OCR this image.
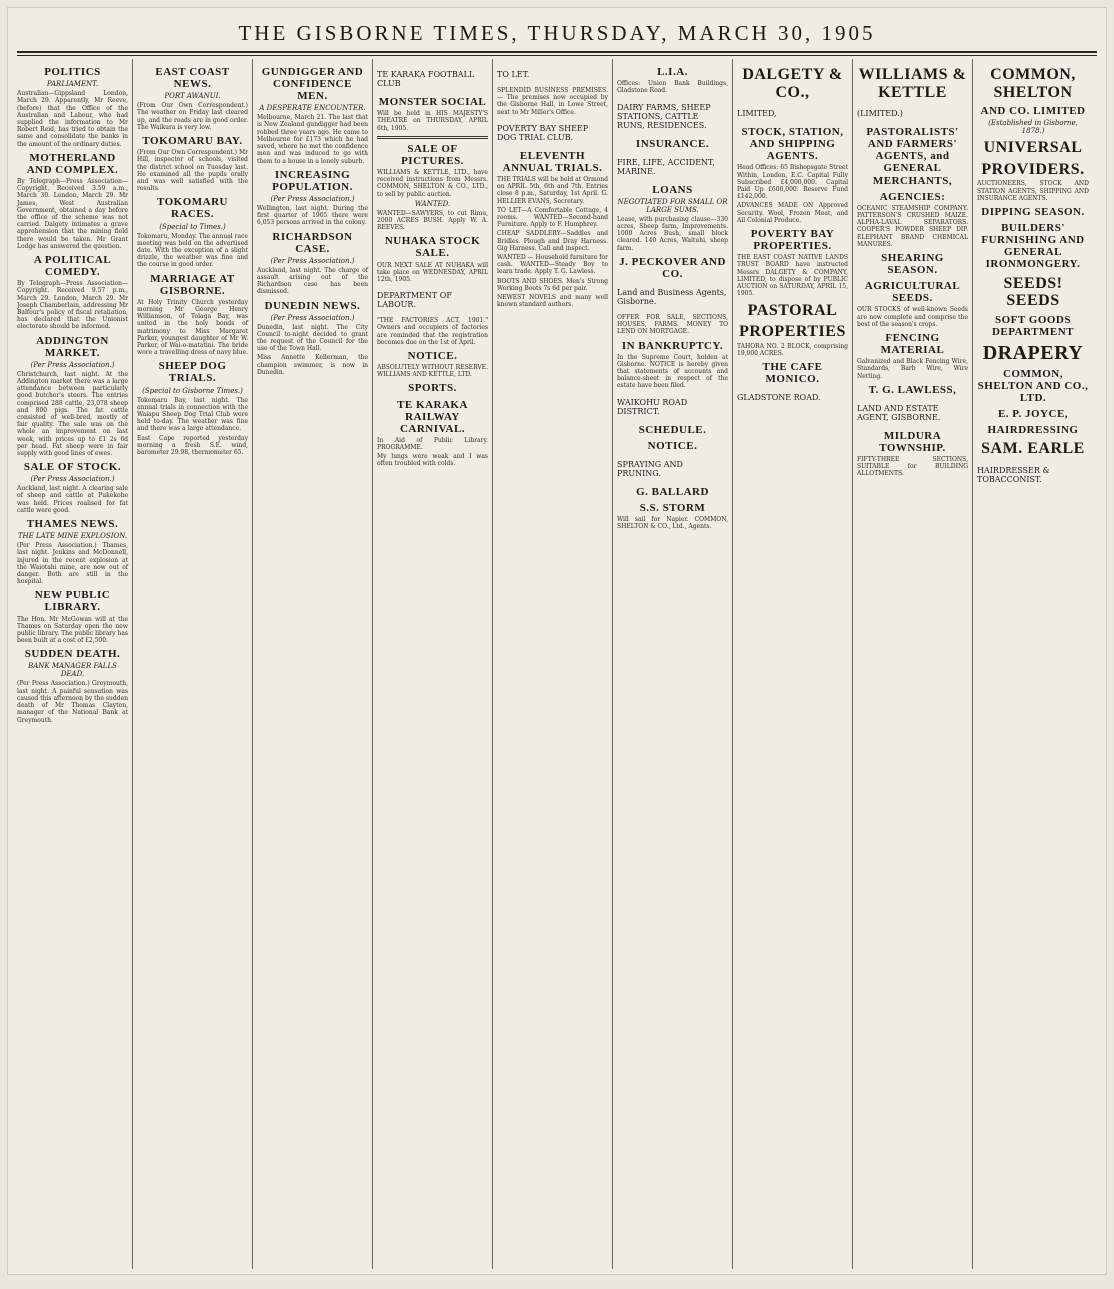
THE GISBORNE TIMES, THURSDAY, MARCH 30, 1905
POLITICS

PARLIAMENT.

Australian—Gippsland London, March 29. Apparently, Mr Reeve, (before) that the Office of the Australian and Labour, who had supplied the information to Mr Robert Reid, has tried to obtain the same and consolidate the banks in the amount of the ordinary duties.

MOTHERLAND AND COMPLEX.

By Telegraph—Press Association—Copyright. Received 3.59 a.m., March 30. London, March 29. Mr James, West Australian Government, obtained a day before the office of the scheme was not carried. Dalgety intimates a grave apprehension that the mining field there would be taken. Mr Grant Lodge has answered the question.

A POLITICAL COMEDY.

By Telegraph—Press Association—Copyright. Received 9.57 p.m., March 29. London, March 29. Mr Joseph Chamberlain, addressing Mr Balfour's policy of fiscal retaliation, has declared that the Unionist electorate should be informed.

ADDINGTON MARKET.

(Per Press Association.)

Christchurch, last night. At the Addington market there was a large attendance between particularly good butcher's steers. The entries comprised 288 cattle, 23,078 sheep and 800 pigs. The fat cattle consisted of well-bred, mostly of fair quality. The sale was on the whole an improvement on last week, with prices up to £1 2s 6d per head. Fat sheep were in fair supply with good lines of ewes.

SALE OF STOCK.

(Per Press Association.)

Auckland, last night. A clearing sale of sheep and cattle at Pukekohe was held. Prices realised for fat cattle were good.

THAMES NEWS.

THE LATE MINE EXPLOSION.

(Per Press Association.) Thames, last night. Jenkins and McDonnell, injured in the recent explosion at the Waiotahi mine, are now out of danger. Both are still in the hospital.

NEW PUBLIC LIBRARY.

The Hon. Mr McGowan will at the Thames on Saturday open the new public library. The public library has been built at a cost of £2,500.

SUDDEN DEATH.

BANK MANAGER FALLS DEAD.

(Per Press Association.) Greymouth, last night. A painful sensation was caused this afternoon by the sudden death of Mr Thomas Clayton, manager of the National Bank at Greymouth.

EAST COAST NEWS.

PORT AWANUI.

(From Our Own Correspondent.) The weather on Friday last cleared up, and the roads are in good order. The Waikura is very low.

TOKOMARU BAY.

(From Our Own Correspondent.) Mr Hill, inspector of schools, visited the district school on Tuesday last. He examined all the pupils orally and was well satisfied with the results.

TOKOMARU RACES.

(Special to Times.)

Tokomaru, Monday. The annual race meeting was held on the advertised date. With the exception of a slight drizzle, the weather was fine and the course in good order.

MARRIAGE AT GISBORNE.

At Holy Trinity Church yesterday morning Mr George Henry Williamson, of Tolaga Bay, was united in the holy bonds of matrimony to Miss Margaret Parker, youngest daughter of Mr W. Parker, of Wai-o-matatini. The bride wore a travelling dress of navy blue.

SHEEP DOG TRIALS.

(Special to Gisborne Times.)

Tokomaru Bay, last night. The annual trials in connection with the Waiapu Sheep Dog Trial Club were held to-day. The weather was fine and there was a large attendance.

East Cape reported yesterday morning a fresh S.E. wind, barometer 29.98, thermometer 65.

GUNDIGGER AND CONFIDENCE MEN.

A DESPERATE ENCOUNTER.

Melbourne, March 21. The last that is New Zealand gundigger had been robbed three years ago. He came to Melbourne for £173 which he had saved, where he met the confidence men and was induced to go with them to a house in a lonely suburb.

INCREASING POPULATION.

(Per Press Association.)

Wellington, last night. During the first quarter of 1905 there were 6,053 persons arrived in the colony.

RICHARDSON CASE.

(Per Press Association.)

Auckland, last night. The charge of assault arising out of the Richardson case has been dismissed.

DUNEDIN NEWS.

(Per Press Association.)

Dunedin, last night. The City Council to-night decided to grant the request of the Council for the use of the Town Hall.

Miss Annette Kellerman, the champion swimmer, is now in Dunedin.

TE KARAKA FOOTBALL CLUB

MONSTER SOCIAL

Will be held in HIS MAJESTY'S THEATRE on THURSDAY, APRIL 6th, 1905.

SALE OF PICTURES.

WILLIAMS & KETTLE, LTD., have received instructions from Messrs. COMMON, SHELTON & CO., LTD., to sell by public auction.

WANTED.

WANTED—SAWYERS, to cut Rimu, 2000 ACRES BUSH. Apply W. A. REEVES.

NUHAKA STOCK SALE.

OUR NEXT SALE AT NUHAKA will take place on WEDNESDAY, APRIL 12th, 1905.

DEPARTMENT OF LABOUR.

"THE FACTORIES ACT, 1901." Owners and occupiers of factories are reminded that the registration becomes due on the 1st of April.

NOTICE.

ABSOLUTELY WITHOUT RESERVE. WILLIAMS AND KETTLE, LTD.

SPORTS.
TE KARAKA RAILWAY CARNIVAL.

In Aid of Public Library. PROGRAMME.

My lungs were weak and I was often troubled with colds.

TO LET.

SPLENDID BUSINESS PREMISES. — The premises now occupied by the Gisborne Hall, in Lowe Street, next to Mr Miller's Office.

POVERTY BAY SHEEP DOG TRIAL CLUB.

ELEVENTH ANNUAL TRIALS.

THE TRIALS will be held at Ormond on APRIL 5th, 6th and 7th. Entries close 8 p.m., Saturday, 1st April. G. HELLIER EVANS, Secretary.

TO LET—A Comfortable Cottage, 4 rooms. WANTED—Second-hand Furniture. Apply to F. Humphrey.

CHEAP SADDLERY—Saddles and Bridles. Plough and Dray Harness. Gig Harness. Call and inspect.

WANTED — Household furniture for cash. WANTED—Steady Boy to learn trade. Apply T. G. Lawless.

BOOTS AND SHOES. Men's Strong Working Boots 7s 6d per pair.

NEWEST NOVELS and many well known standard authors.

L.I.A.

Offices: Union Bank Buildings, Gladstone Road.

DAIRY FARMS, SHEEP STATIONS, CATTLE RUNS, RESIDENCES.

INSURANCE.

FIRE, LIFE, ACCIDENT, MARINE.

LOANS

NEGOTIATED FOR SMALL OR LARGE SUMS.

Lease, with purchasing clause—330 acres, Sheep farm, Improvements. 1000 Acres Bush, small block cleared. 140 Acres, Waituhi, sheep farm.

J. PECKOVER AND CO.

Land and Business Agents, Gisborne.

OFFER FOR SALE, SECTIONS, HOUSES, FARMS. MONEY TO LEND ON MORTGAGE.

IN BANKRUPTCY.

In the Supreme Court, holden at Gisborne. NOTICE is hereby given that statements of accounts and balance-sheet in respect of the estate have been filed.

WAIKOHU ROAD DISTRICT.

SCHEDULE.
NOTICE.

SPRAYING AND PRUNING.

G. BALLARD
S.S. STORM

Will sail for Napier. COMMON, SHELTON & CO., Ltd., Agents.

DALGETY & CO.,

LIMITED,

STOCK, STATION, AND SHIPPING AGENTS.

Head Offices: 65 Bishopsgate Street Within, London, E.C. Capital Fully Subscribed £4,000,000. Capital Paid Up £600,000. Reserve Fund £142,000.

ADVANCES MADE ON Approved Security. Wool, Frozen Meat, and All Colonial Produce.

POVERTY BAY PROPERTIES.

THE EAST COAST NATIVE LANDS TRUST BOARD have instructed Messrs DALGETY & COMPANY, LIMITED, to dispose of by PUBLIC AUCTION on SATURDAY, APRIL 15, 1905.

PASTORAL
PROPERTIES

TAHORA NO. 2 BLOCK, comprising 19,000 ACRES.

THE CAFE MONICO.

GLADSTONE ROAD.

WILLIAMS & KETTLE

(LIMITED.)

PASTORALISTS' AND FARMERS' AGENTS, and GENERAL MERCHANTS,
AGENCIES:

OCEANIC STEAMSHIP COMPANY. PATTERSON'S CRUSHED MAIZE. ALPHA-LAVAL SEPARATORS. COOPER'S POWDER SHEEP DIP. ELEPHANT BRAND CHEMICAL MANURES.

SHEARING SEASON.
AGRICULTURAL SEEDS.

OUR STOCKS of well-known Seeds are now complete and comprise the best of the season's crops.

FENCING MATERIAL

Galvanized and Black Fencing Wire, Standards, Barb Wire, Wire Netting.

T. G. LAWLESS,

LAND AND ESTATE AGENT, GISBORNE.

MILDURA TOWNSHIP.

FIFTY-THREE SECTIONS, SUITABLE for BUILDING ALLOTMENTS.

COMMON, SHELTON
AND CO. LIMITED

(Established in Gisborne, 1878.)

UNIVERSAL
PROVIDERS.

AUCTIONEERS, STOCK AND STATION AGENTS, SHIPPING AND INSURANCE AGENTS.

DIPPING SEASON.
BUILDERS' FURNISHING AND GENERAL IRONMONGERY.
SEEDS! SEEDS
SOFT GOODS DEPARTMENT
DRAPERY
COMMON, SHELTON AND CO., LTD.
E. P. JOYCE,
HAIRDRESSING
SAM. EARLE

HAIRDRESSER & TOBACCONIST.
